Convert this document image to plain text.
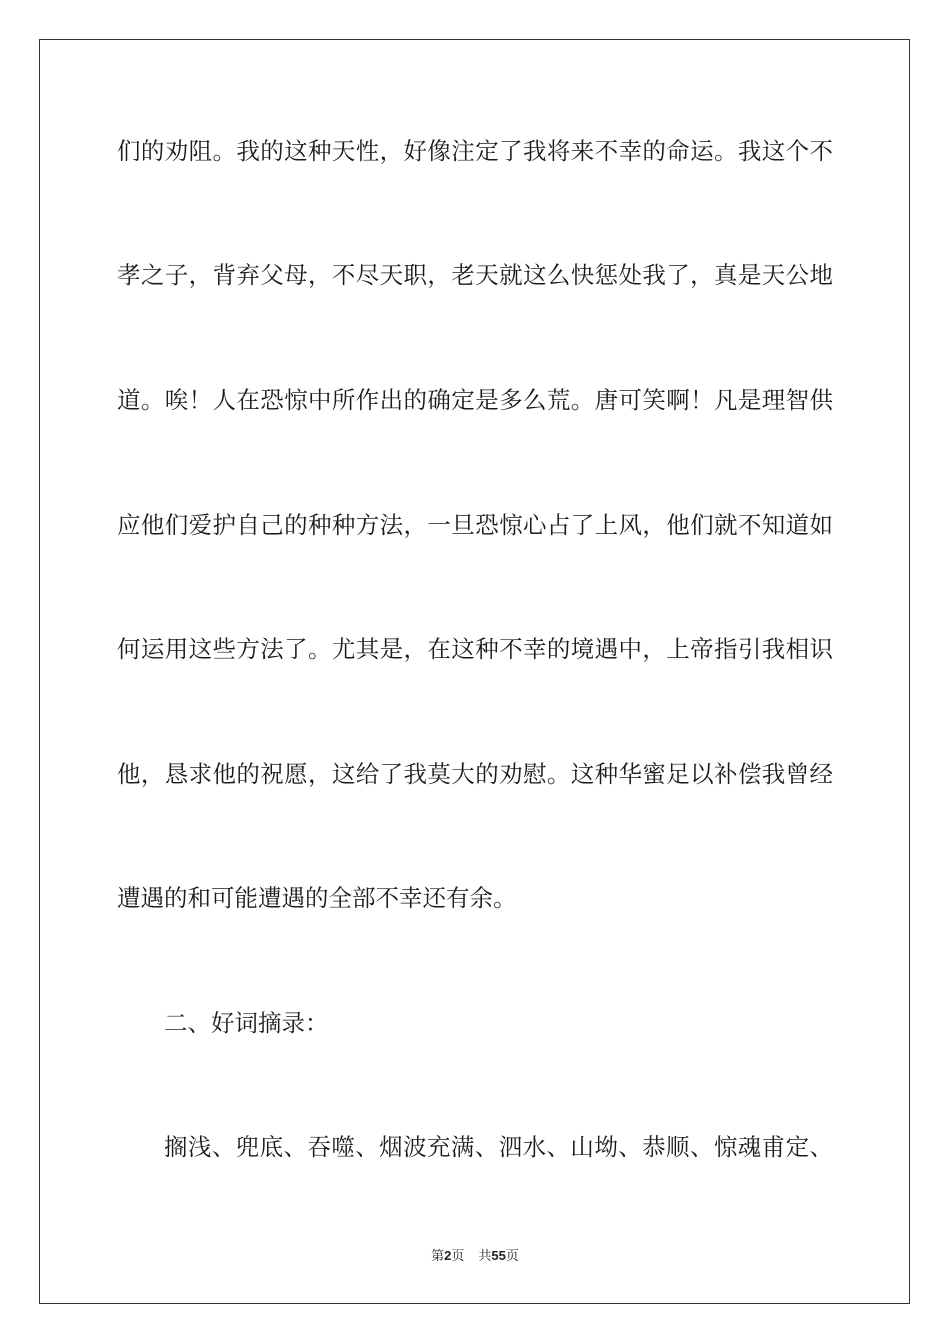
们的劝阻。我的这种天性，好像注定了我将来不幸的命运。我这个不
孝之子，背弃父母，不尽天职，老天就这么快惩处我了，真是天公地
道。唉！人在恐惊中所作出的确定是多么荒。唐可笑啊！凡是理智供
应他们爱护自己的种种方法，一旦恐惊心占了上风，他们就不知道如
何运用这些方法了。尤其是，在这种不幸的境遇中，上帝指引我相识
他，恳求他的祝愿，这给了我莫大的劝慰。这种华蜜足以补偿我曾经
遭遇的和可能遭遇的全部不幸还有余。
二、好词摘录：
搁浅、兜底、吞噬、烟波充满、泗水、山坳、恭顺、惊魂甫定、
第2页 共55页
